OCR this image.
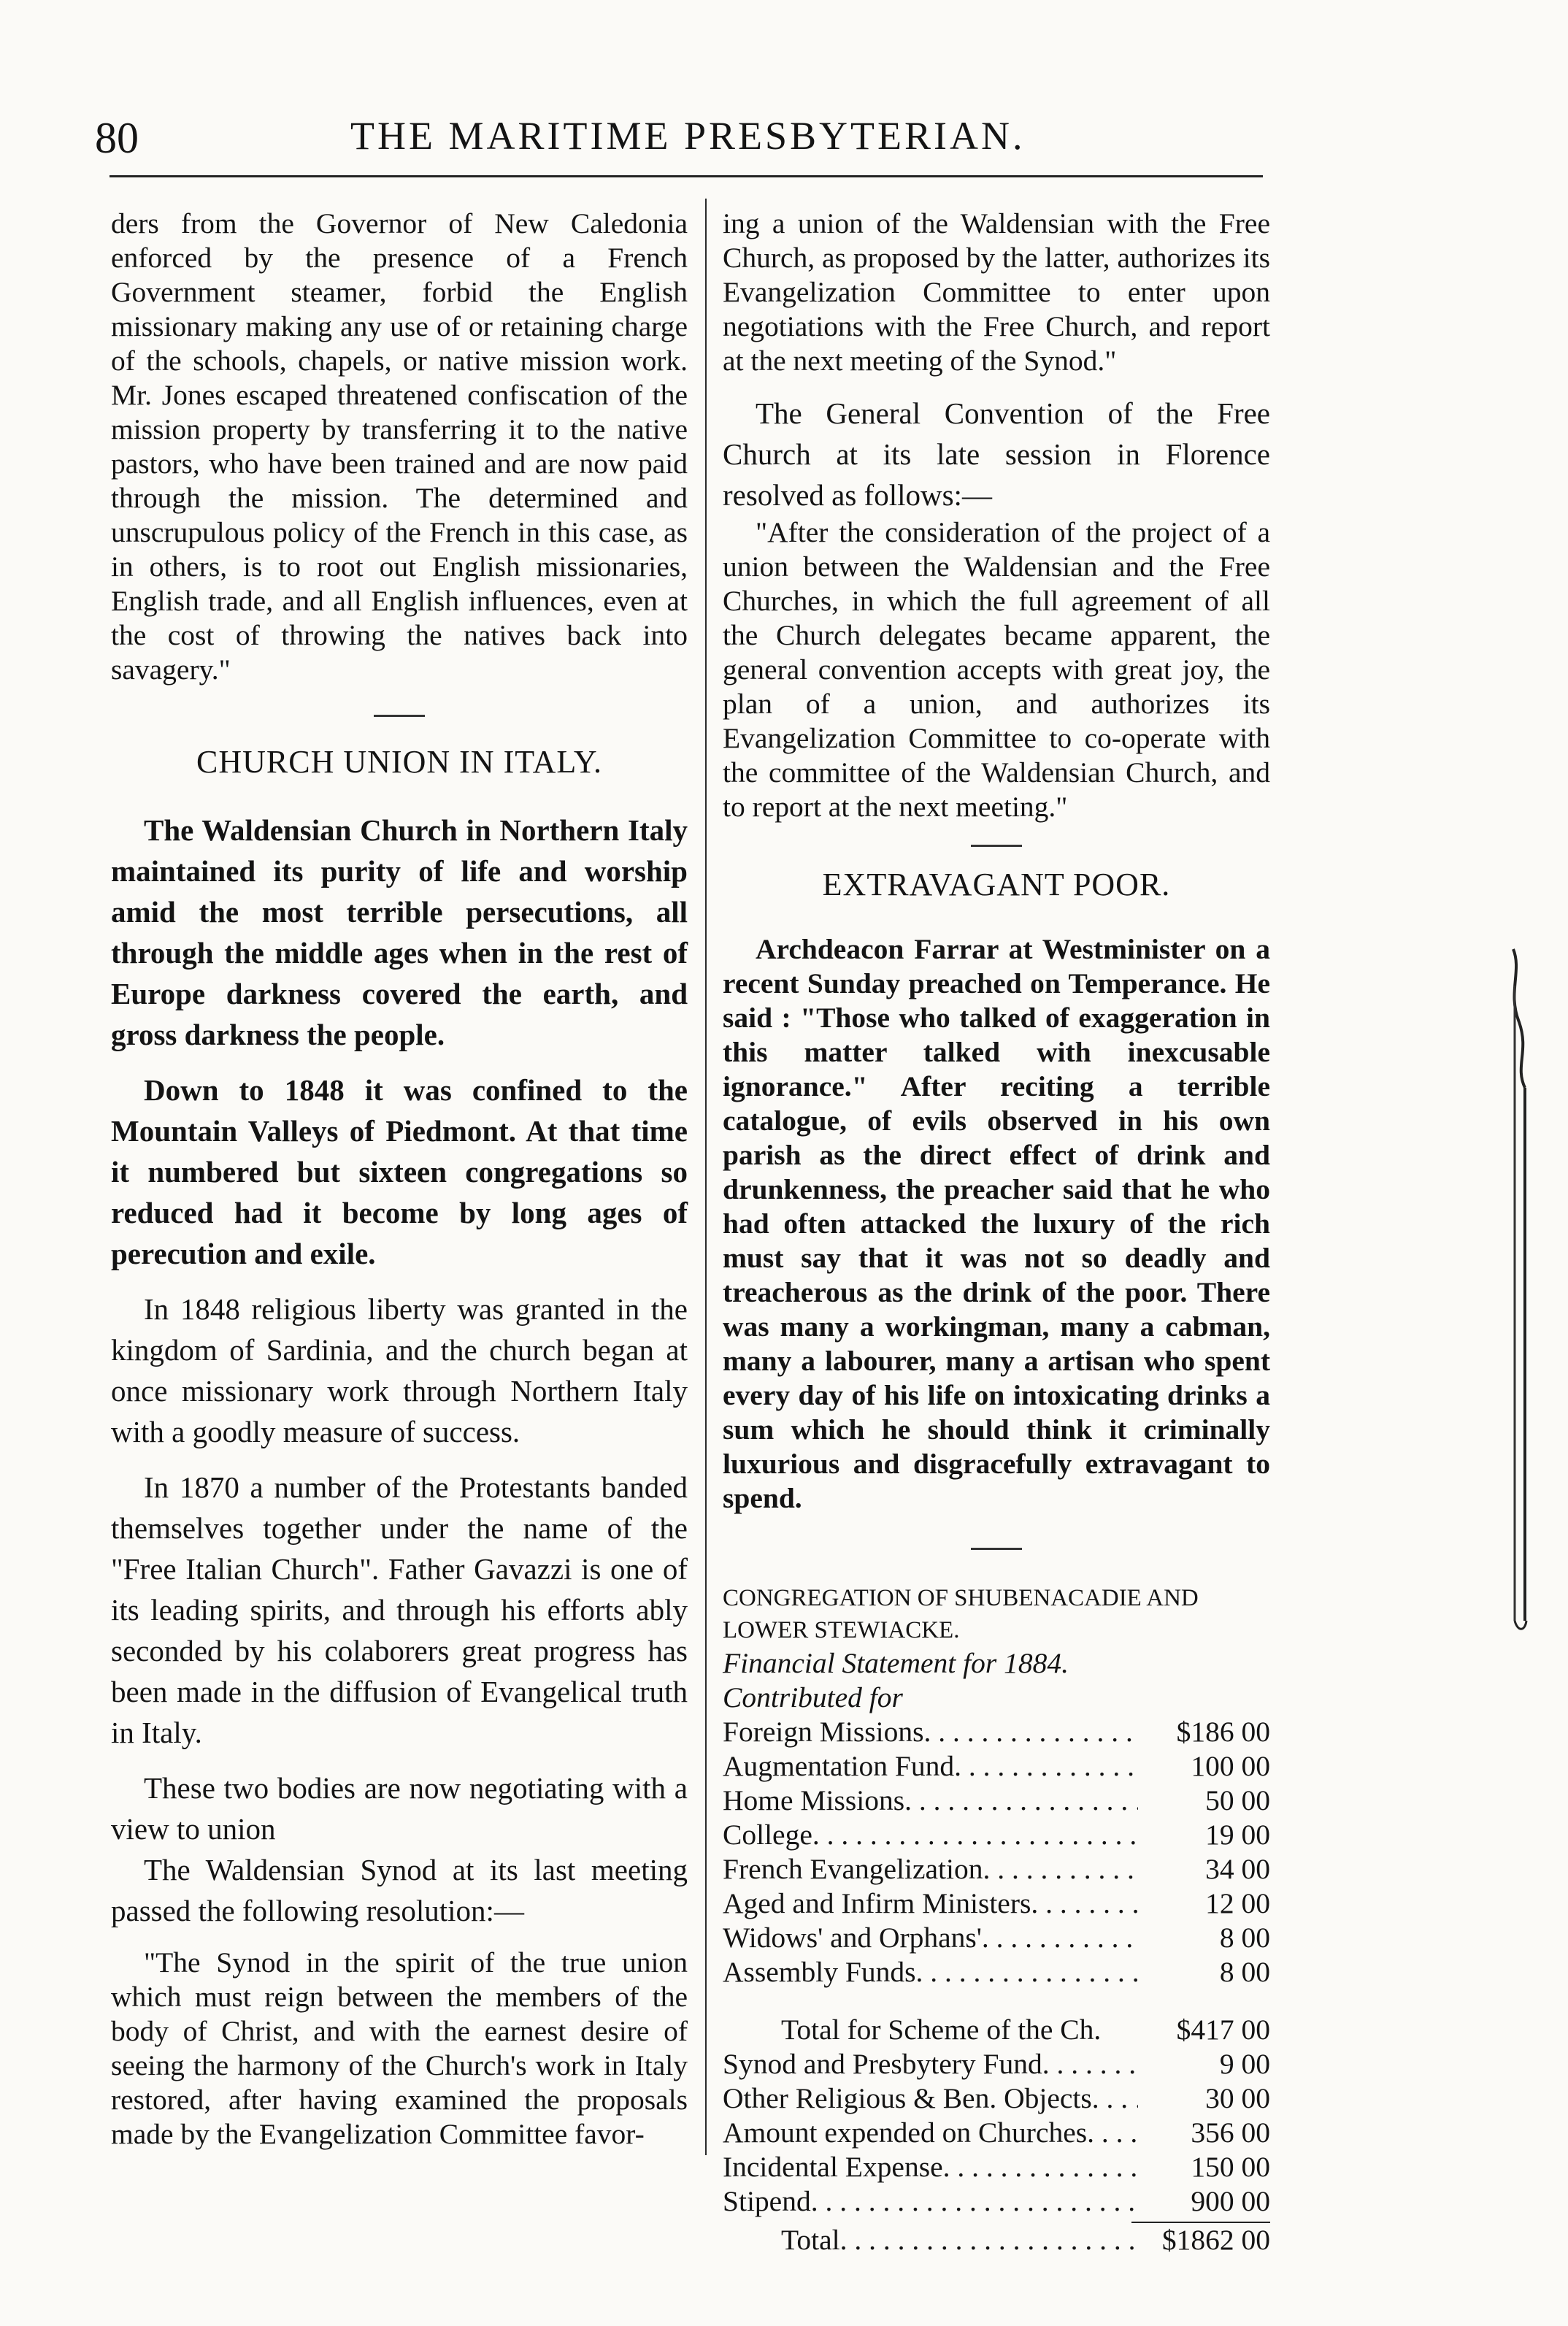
80	THE MARITIME PRESBYTERIAN.

ders from the Governor of New Caledonia enforced by the presence of a French Government steamer, forbid the English missionary making any use of or retaining charge of the schools, chapels, or native mission work. Mr. Jones escaped threatened confiscation of the mission property by transferring it to the native pastors, who have been trained and are now paid through the mission. The determined and unscrupulous policy of the French in this case, as in others, is to root out English missionaries, English trade, and all English influences, even at the cost of throwing the natives back into savagery."

CHURCH UNION IN ITALY.

The Waldensian Church in Northern Italy maintained its purity of life and worship amid the most terrible persecutions, all through the middle ages when in the rest of Europe darkness covered the earth, and gross darkness the people.

Down to 1848 it was confined to the Mountain Valleys of Piedmont. At that time it numbered but sixteen congregations so reduced had it become by long ages of perecution and exile.

In 1848 religious liberty was granted in the kingdom of Sardinia, and the church began at once missionary work through Northern Italy with a goodly measure of success.

In 1870 a number of the Protestants banded themselves together under the name of the "Free Italian Church". Father Gavazzi is one of its leading spirits, and through his efforts ably seconded by his colaborers great progress has been made in the diffusion of Evangelical truth in Italy.

These two bodies are now negotiating with a view to union

The Waldensian Synod at its last meeting passed the following resolution:—

"The Synod in the spirit of the true union which must reign between the members of the body of Christ, and with the earnest desire of seeing the harmony of the Church's work in Italy restored, after having examined the proposals made by the Evangelization Committee favor-

ing a union of the Waldensian with the Free Church, as proposed by the latter, authorizes its Evangelization Committee to enter upon negotiations with the Free Church, and report at the next meeting of the Synod."

The General Convention of the Free Church at its late session in Florence resolved as follows:—

"After the consideration of the project of a union between the Waldensian and the Free Churches, in which the full agreement of all the Church delegates became apparent, the general convention accepts with great joy, the plan of a union, and authorizes its Evangelization Committee to co-operate with the committee of the Waldensian Church, and to report at the next meeting."

EXTRAVAGANT POOR.

Archdeacon Farrar at Westminister on a recent Sunday preached on Temperance. He said : "Those who talked of exaggeration in this matter talked with inexcusable ignorance." After reciting a terrible catalogue, of evils observed in his own parish as the direct effect of drink and drunkenness, the preacher said that he who had often attacked the luxury of the rich must say that it was not so deadly and treacherous as the drink of the poor. There was many a workingman, many a cabman, many a labourer, many a artisan who spent every day of his life on intoxicating drinks a sum which he should think it criminally luxurious and disgracefully extravagant to spend.

CONGREGATION OF SHUBENACADIE AND

LOWER STEWIACKE.

Financial Statement for 1884.

Contributed for

Foreign Missions . . .	$186 00
Augmentation Fund . . .	100 00
Home Missions . . .	50 00
College . . .	19 00
French Evangelization . . .	34 00
Aged and Infirm Ministers . . .	12 00
Widows' and Orphans' . . .	8 00
Assembly Funds . . .	8 00
Total for Scheme of the Ch.	$417 00
Synod and Presbytery Fund . . .	9 00
Other Religious & Ben. Objects . . .	30 00
Amount expended on Churches . . .	356 00
Incidental Expense . . .	150 00
Stipend . . .	900 00
Total . . .	$1862 00
